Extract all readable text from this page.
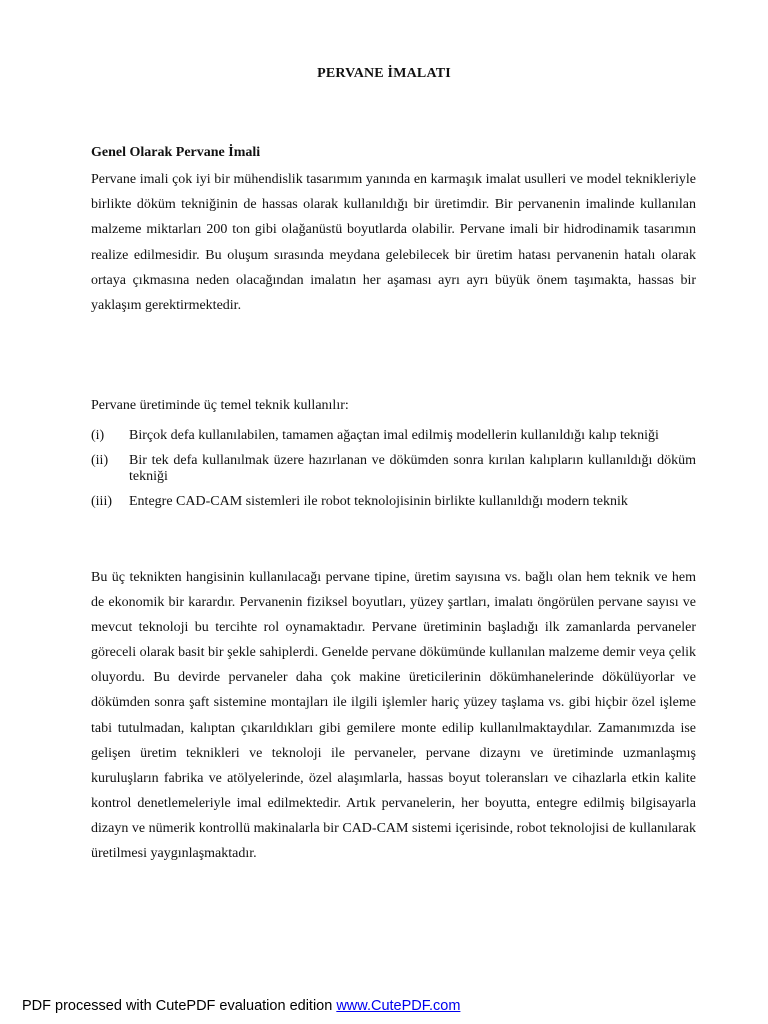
PERVANE İMALATI
Genel Olarak Pervane İmali

Pervane imali çok iyi bir mühendislik tasarımım yanında en karmaşık imalat usulleri ve model teknikleriyle birlikte döküm tekniğinin de hassas olarak kullanıldığı bir üretimdir. Bir pervanenin imalinde kullanılan malzeme miktarları 200 ton gibi olağanüstü boyutlarda olabilir. Pervane imali bir hidrodinamik tasarımın realize edilmesidir. Bu oluşum sırasında meydana gelebilecek bir üretim hatası pervanenin hatalı olarak ortaya çıkmasına neden olacağından imalatın her aşaması ayrı ayrı büyük önem taşımakta, hassas bir yaklaşım gerektirmektedir.

Pervane üretiminde üç temel teknik kullanılır:

(i) Birçok defa kullanılabilen, tamamen ağaçtan imal edilmiş modellerin kullanıldığı kalıp tekniği
(ii) Bir tek defa kullanılmak üzere hazırlanan ve dökümden sonra kırılan kalıpların kullanıldığı döküm tekniği
(iii) Entegre CAD-CAM sistemleri ile robot teknolojisinin birlikte kullanıldığı modern teknik

Bu üç teknikten hangisinin kullanılacağı pervane tipine, üretim sayısına vs. bağlı olan hem teknik ve hem de ekonomik bir karardır. Pervanenin fiziksel boyutları, yüzey şartları, imalatı öngörülen pervane sayısı ve mevcut teknoloji bu tercihte rol oynamaktadır. Pervane üretiminin başladığı ilk zamanlarda pervaneler göreceli olarak basit bir şekle sahiplerdi. Genelde pervane dökümünde kullanılan malzeme demir veya çelik oluyordu. Bu devirde pervaneler daha çok makine üreticilerinin dökümhanelerinde dökülüyorlar ve dökümden sonra şaft sistemine montajları ile ilgili işlemler hariç yüzey taşlama vs. gibi hiçbir özel işleme tabi tutulmadan, kalıptan çıkarıldıkları gibi gemilere monte edilip kullanılmaktaydılar. Zamanımızda ise gelişen üretim teknikleri ve teknoloji ile pervaneler, pervane dizaynı ve üretiminde uzmanlaşmış kuruluşların fabrika ve atölyelerinde, özel alaşımlarla, hassas boyut toleransları ve cihazlarla etkin kalite kontrol denetlemeleriyle imal edilmektedir. Artık pervanelerin, her boyutta, entegre edilmiş bilgisayarla dizayn ve nümerik kontrollü makinalarla bir CAD-CAM sistemi içerisinde, robot teknolojisi de kullanılarak üretilmesi yaygınlaşmaktadır.

PDF processed with CutePDF evaluation edition www.CutePDF.com
